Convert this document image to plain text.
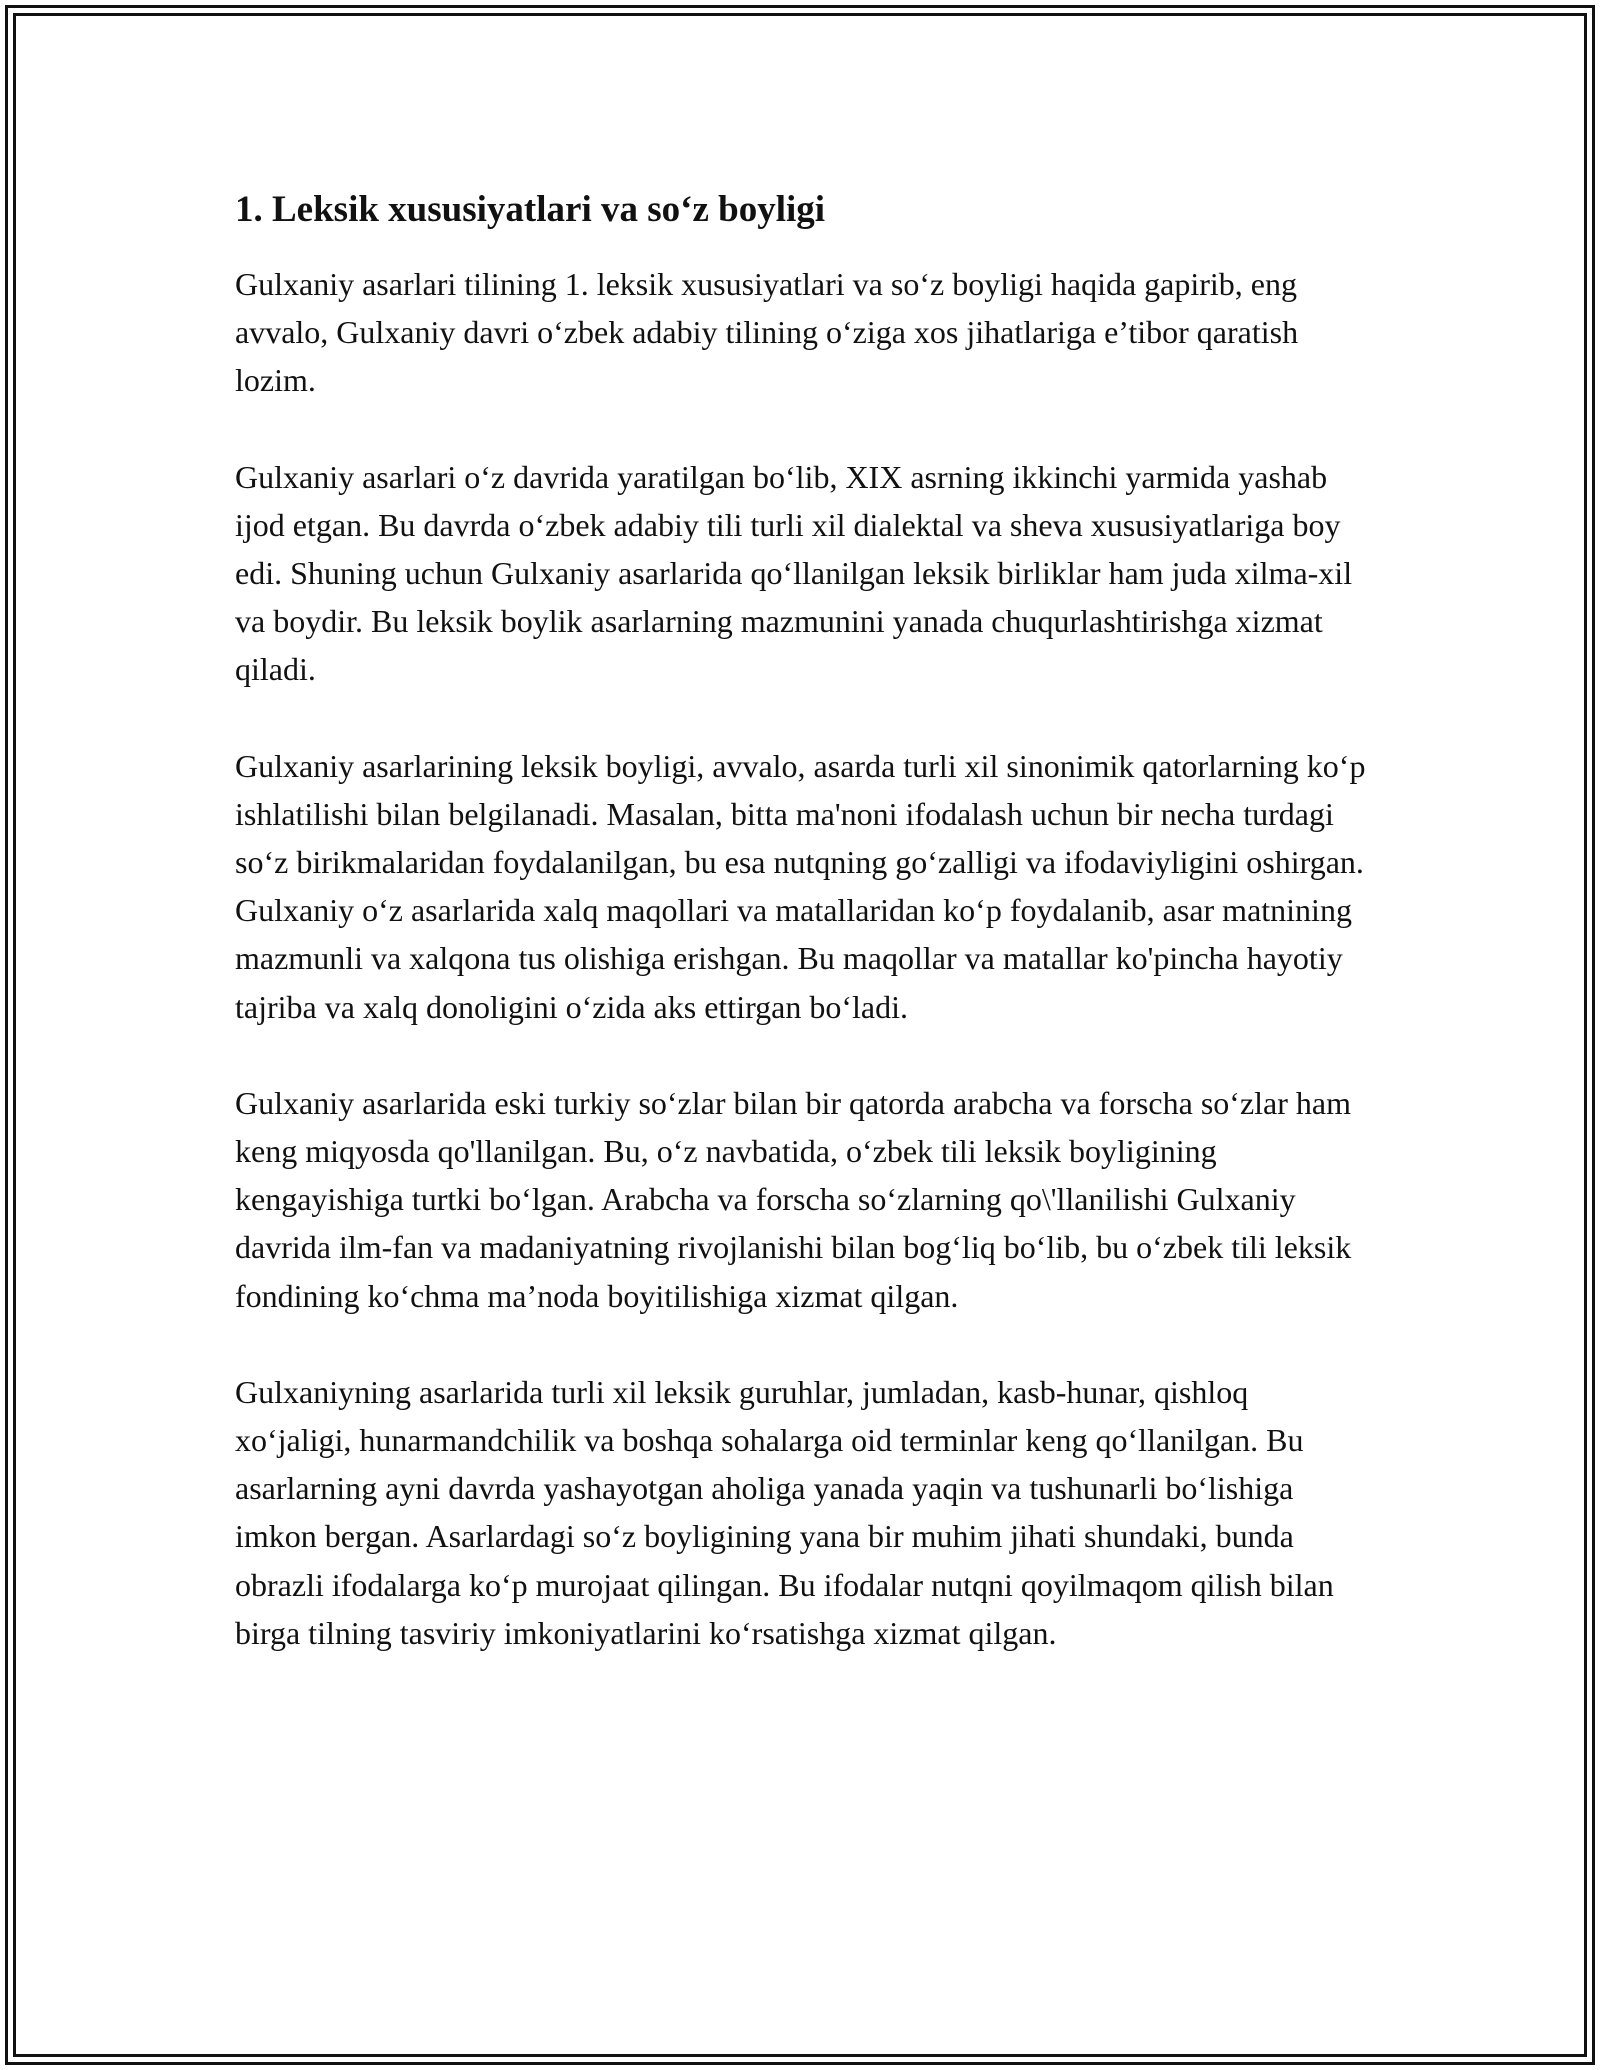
1. Leksik xususiyatlari va so‘z boyligi

Gulxaniy asarlari tilining 1. leksik xususiyatlari va so‘z boyligi haqida gapirib, eng avvalo, Gulxaniy davri o‘zbek adabiy tilining o‘ziga xos jihatlariga e’tibor qaratish lozim.

Gulxaniy asarlari o‘z davrida yaratilgan bo‘lib, XIX asrning ikkinchi yarmida yashab ijod etgan. Bu davrda o‘zbek adabiy tili turli xil dialektal va sheva xususiyatlariga boy edi. Shuning uchun Gulxaniy asarlarida qo‘llanilgan leksik birliklar ham juda xilma-xil va boydir. Bu leksik boylik asarlarning mazmunini yanada chuqurlashtirishga xizmat qiladi.

Gulxaniy asarlarining leksik boyligi, avvalo, asarda turli xil sinonimik qatorlarning ko‘p ishlatilishi bilan belgilanadi. Masalan, bitta ma'noni ifodalash uchun bir necha turdagi so‘z birikmalaridan foydalanilgan, bu esa nutqning go‘zalligi va ifodaviyligini oshirgan. Gulxaniy o‘z asarlarida xalq maqollari va matallaridan ko‘p foydalanib, asar matnining mazmunli va xalqona tus olishiga erishgan. Bu maqollar va matallar ko'pincha hayotiy tajriba va xalq donoligini o‘zida aks ettirgan bo‘ladi.

Gulxaniy asarlarida eski turkiy so‘zlar bilan bir qatorda arabcha va forscha so‘zlar ham keng miqyosda qo'llanilgan. Bu, o‘z navbatida, o‘zbek tili leksik boyligining kengayishiga turtki bo‘lgan. Arabcha va forscha so‘zlarning qo\'llanilishi Gulxaniy davrida ilm-fan va madaniyatning rivojlanishi bilan bog‘liq bo‘lib, bu o‘zbek tili leksik fondining ko‘chma ma’noda boyitilishiga xizmat qilgan.

Gulxaniyning asarlarida turli xil leksik guruhlar, jumladan, kasb-hunar, qishloq xo‘jaligi, hunarmandchilik va boshqa sohalarga oid terminlar keng qo‘llanilgan. Bu asarlarning ayni davrda yashayotgan aholiga yanada yaqin va tushunarli bo‘lishiga imkon bergan. Asarlardagi so‘z boyligining yana bir muhim jihati shundaki, bunda obrazli ifodalarga ko‘p murojaat qilingan. Bu ifodalar nutqni qoyilmaqom qilish bilan birga tilning tasviriy imkoniyatlarini ko‘rsatishga xizmat qilgan.
